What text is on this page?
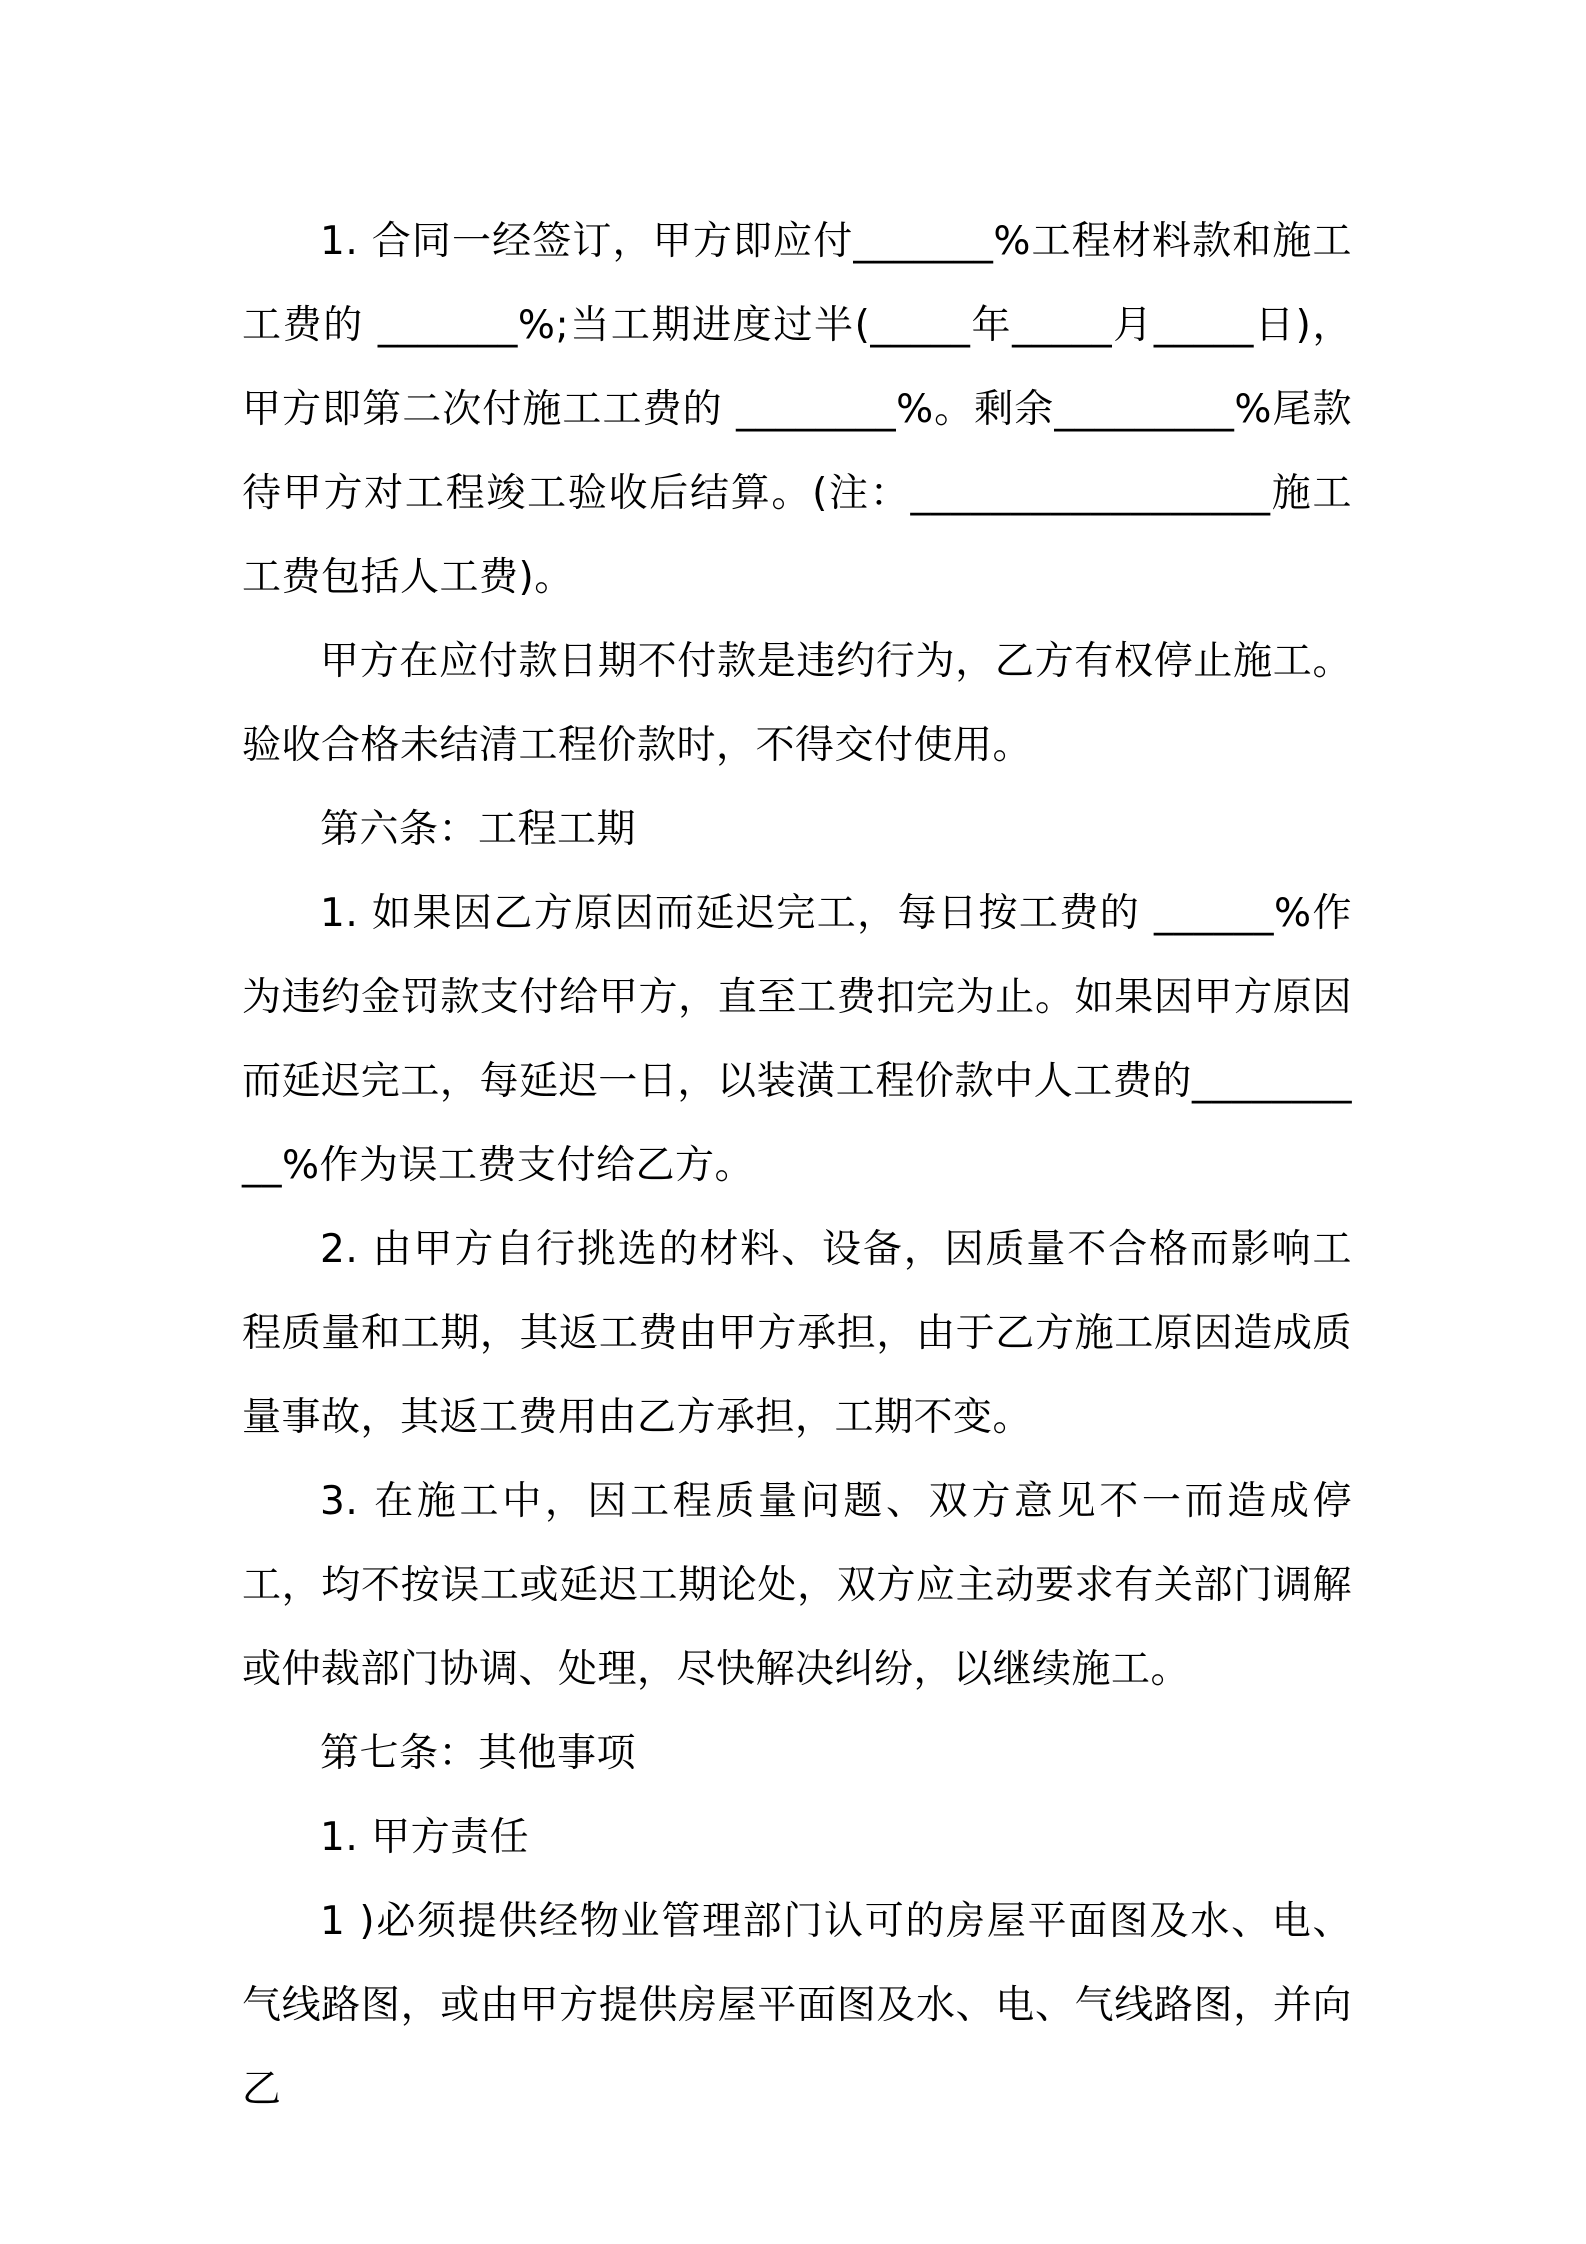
1. 合同一经签订，甲方即应付_______%工程材料款和施工工费的 _______%;当工期进度过半(_____年_____月_____日)，甲方即第二次付施工工费的 ________%。剩余_________%尾款待甲方对工程竣工验收后结算。(注：__________________施工工费包括人工费)。

甲方在应付款日期不付款是违约行为，乙方有权停止施工。验收合格未结清工程价款时，不得交付使用。

第六条：工程工期

1. 如果因乙方原因而延迟完工，每日按工费的 ______%作为违约金罚款支付给甲方，直至工费扣完为止。如果因甲方原因而延迟完工，每延迟一日，以装潢工程价款中人工费的__________%作为误工费支付给乙方。

2. 由甲方自行挑选的材料、设备，因质量不合格而影响工程质量和工期，其返工费由甲方承担，由于乙方施工原因造成质量事故，其返工费用由乙方承担，工期不变。

3. 在施工中，因工程质量问题、双方意见不一而造成停工，均不按误工或延迟工期论处，双方应主动要求有关部门调解或仲裁部门协调、处理，尽快解决纠纷，以继续施工。

第七条：其他事项

1. 甲方责任

1 )必须提供经物业管理部门认可的房屋平面图及水、电、气线路图，或由甲方提供房屋平面图及水、电、气线路图，并向乙
